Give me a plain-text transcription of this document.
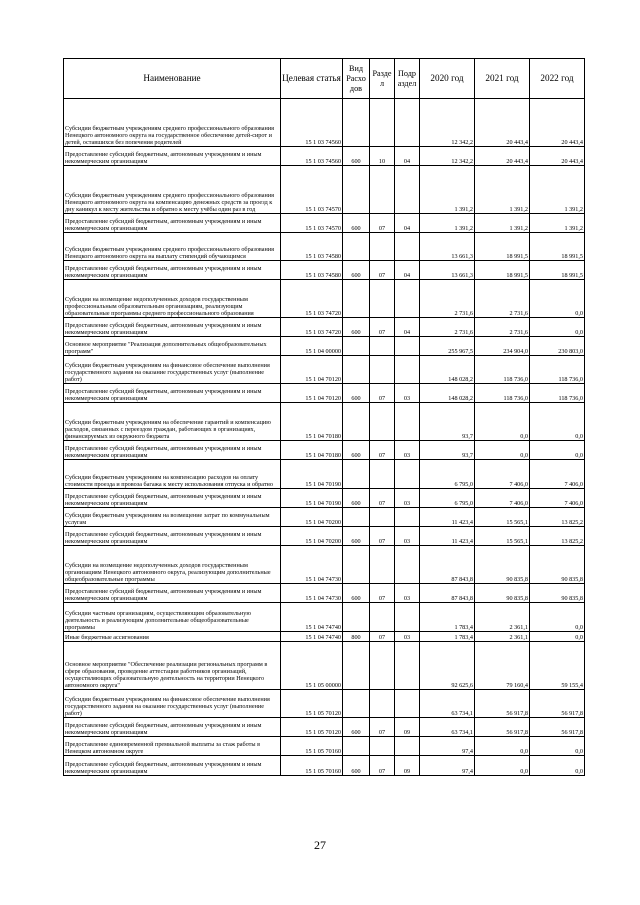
Наименование	Целевая статья	Вид Расхо дов	Разде л	Подр аздел	2020 год	2021 год	2022 год
Субсидии бюджетным учреждениям среднего профессионального образования Ненецкого автономного округа на государственное обеспечение детей-сирот и детей, оставшихся без попечения родителей	15 1 03 74560				12 342,2	20 443,4	20 443,4
Предоставление субсидий бюджетным, автономным учреждениям и иным некоммерческим организациям	15 1 03 74560	600	10	04	12 342,2	20 443,4	20 443,4
Субсидии бюджетным учреждениям среднего профессионального образования Ненецкого автономного округа на компенсацию денежных средств за проезд к дну каникул к месту жительства и обратно к месту учёбы один раз в год	15 1 03 74570				1 391,2	1 391,2	1 391,2
Предоставление субсидий бюджетным, автономным учреждениям и иным некоммерческим организациям	15 1 03 74570	600	07	04	1 391,2	1 391,2	1 391,2
Субсидии бюджетным учреждениям среднего профессионального образования Ненецкого автономного округа на выплату стипендий обучающимся	15 1 03 74580				13 661,3	18 991,5	18 991,5
Предоставление субсидий бюджетным, автономным учреждениям и иным некоммерческим организациям	15 1 03 74580	600	07	04	13 661,3	18 991,5	18 991,5
Субсидии на возмещение недополученных доходов государственным профессиональным образовательным организациям, реализующим образовательные программы среднего профессионального образования	15 1 03 74720				2 731,6	2 731,6	0,0
Предоставление субсидий бюджетным, автономным учреждениям и иным некоммерческим организациям	15 1 03 74720	600	07	04	2 731,6	2 731,6	0,0
Основное мероприятие "Реализация дополнительных общеобразовательных программ"	15 1 04 00000				255 967,5	234 904,0	230 803,0
Субсидии бюджетным учреждениям на финансовое обеспечение выполнения государственного задания на оказание государственных услуг (выполнение работ)	15 1 04 70120				148 028,2	118 736,0	118 736,0
Предоставление субсидий бюджетным, автономным учреждениям и иным некоммерческим организациям	15 1 04 70120	600	07	03	148 028,2	118 736,0	118 736,0
Субсидии бюджетным учреждениям на обеспечение гарантий и компенсацию расходов, связанных с переездом граждан, работающих в организациях, финансируемых из окружного бюджета	15 1 04 70180				93,7	0,0	0,0
Предоставление субсидий бюджетным, автономным учреждениям и иным некоммерческим организациям	15 1 04 70180	600	07	03	93,7	0,0	0,0
Субсидии бюджетным учреждениям на компенсацию расходов на оплату стоимости проезда и провоза багажа к месту использования отпуска и обратно	15 1 04 70190				6 795,0	7 406,0	7 406,0
Предоставление субсидий бюджетным, автономным учреждениям и иным некоммерческим организациям	15 1 04 70190	600	07	03	6 795,0	7 406,0	7 406,0
Субсидии бюджетным учреждениям на возмещение затрат по коммунальным услугам	15 1 04 70200				11 423,4	15 565,1	13 825,2
Предоставление субсидий бюджетным, автономным учреждениям и иным некоммерческим организациям	15 1 04 70200	600	07	03	11 423,4	15 565,1	13 825,2
Субсидии на возмещение недополученных доходов государственным организациям Ненецкого автономного округа, реализующим дополнительные общеобразовательные программы	15 1 04 74730				87 843,8	90 835,8	90 835,8
Предоставление субсидий бюджетным, автономным учреждениям и иным некоммерческим организациям	15 1 04 74730	600	07	03	87 843,8	90 835,8	90 835,8
Субсидии частным организациям, осуществляющим образовательную деятельность и реализующим дополнительные общеобразовательные программы	15 1 04 74740				1 783,4	2 361,1	0,0
Иные бюджетные ассигнования	15 1 04 74740	800	07	03	1 783,4	2 361,1	0,0
Основное мероприятие "Обеспечение реализации региональных программ в сфере образования, проведение аттестации работников организаций, осуществляющих образовательную деятельность на территории Ненецкого автономного округа"	15 1 05 00000				92 625,6	79 160,4	59 155,4
Субсидии бюджетным учреждениям на финансовое обеспечение выполнения государственного задания на оказание государственных услуг (выполнение работ)	15 1 05 70120				63 734,1	56 917,8	56 917,8
Предоставление субсидий бюджетным, автономным учреждениям и иным некоммерческим организациям	15 1 05 70120	600	07	09	63 734,1	56 917,8	56 917,8
Предоставление единовременной премиальной выплаты за стаж работы в Ненецком автономном округе	15 1 05 70160				97,4	0,0	0,0
Предоставление субсидий бюджетным, автономным учреждениям и иным некоммерческим организациям	15 1 05 70160	600	07	09	97,4	0,0	0,0
27
